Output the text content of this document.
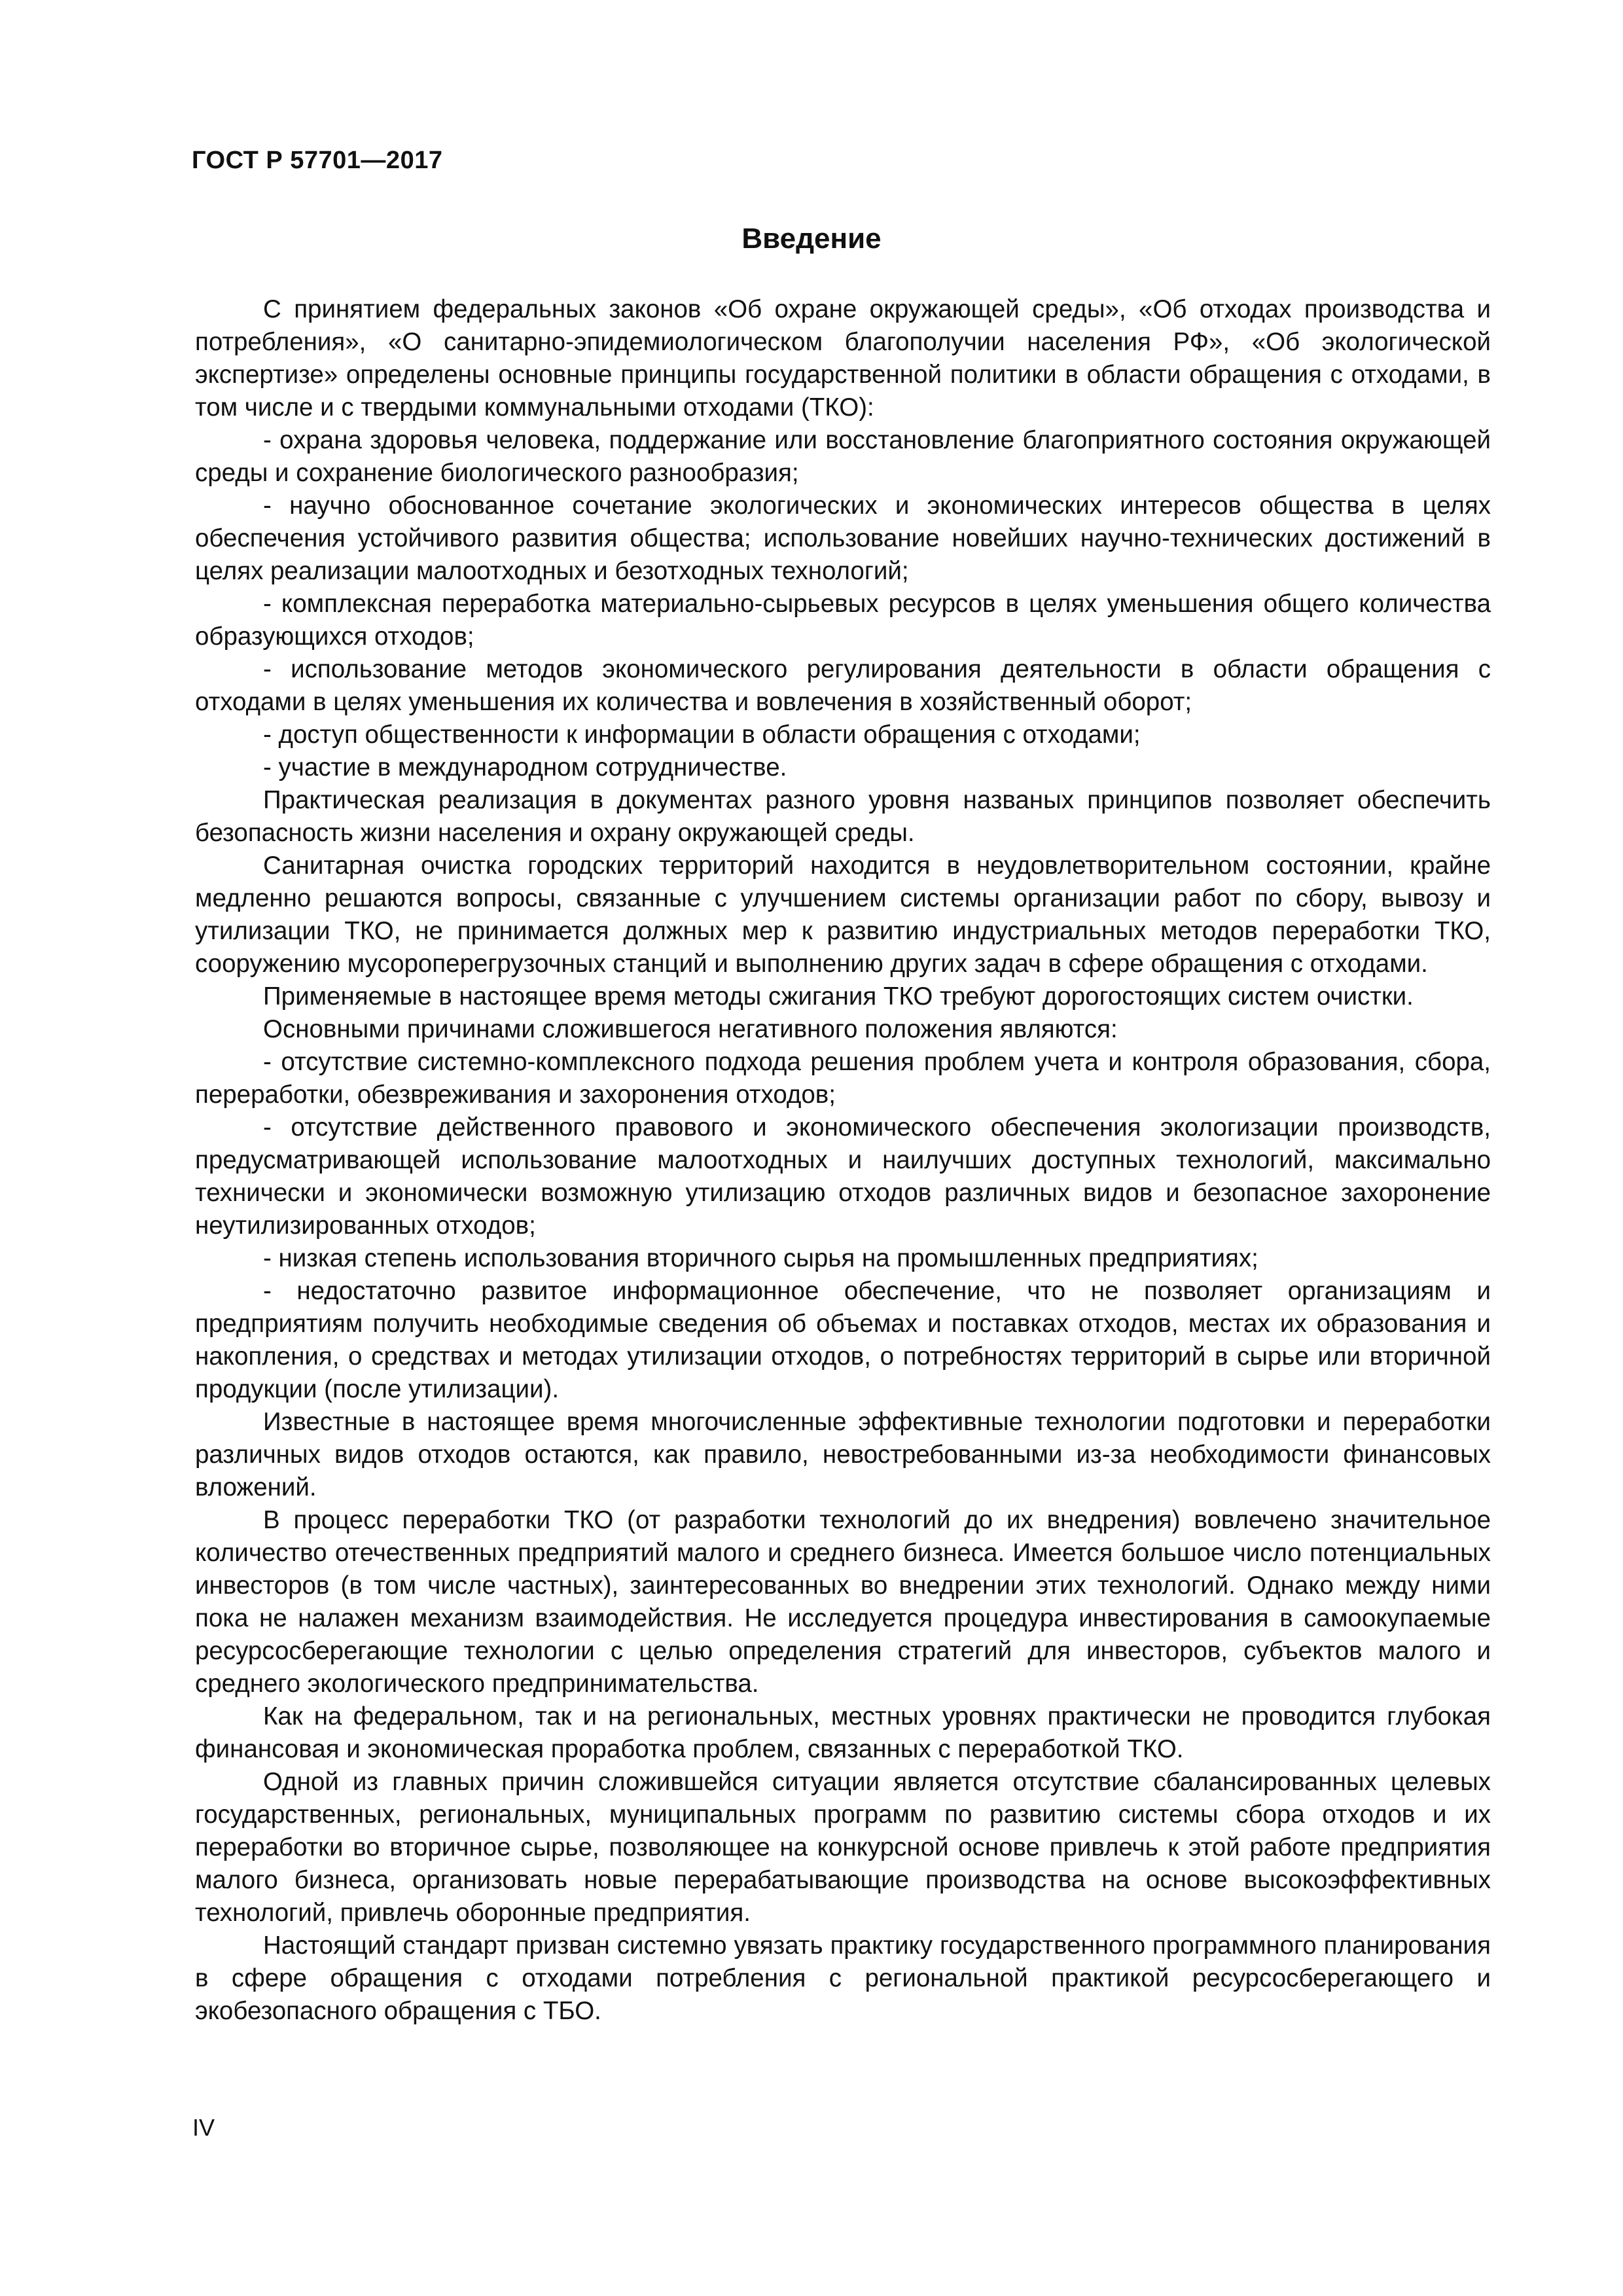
ГОСТ Р 57701—2017
Введение

С принятием федеральных законов «Об охране окружающей среды», «Об отходах производства и потребления», «О санитарно-эпидемиологическом благополучии населения РФ», «Об экологической экспертизе» определены основные принципы государственной политики в области обращения с отходами, в том числе и с твердыми коммунальными отходами (ТКО):

- охрана здоровья человека, поддержание или восстановление благоприятного состояния окружающей среды и сохранение биологического разнообразия;

- научно обоснованное сочетание экологических и экономических интересов общества в целях обеспечения устойчивого развития общества; использование новейших научно-технических достижений в целях реализации малоотходных и безотходных технологий;

- комплексная переработка материально-сырьевых ресурсов в целях уменьшения общего количества образующихся отходов;

- использование методов экономического регулирования деятельности в области обращения с отходами в целях уменьшения их количества и вовлечения в хозяйственный оборот;

- доступ общественности к информации в области обращения с отходами;

- участие в международном сотрудничестве.

Практическая реализация в документах разного уровня названых принципов позволяет обеспечить безопасность жизни населения и охрану окружающей среды.

Санитарная очистка городских территорий находится в неудовлетворительном состоянии, крайне медленно решаются вопросы, связанные с улучшением системы организации работ по сбору, вывозу и утилизации ТКО, не принимается должных мер к развитию индустриальных методов переработки ТКО, сооружению мусороперегрузочных станций и выполнению других задач в сфере обращения с отходами.

Применяемые в настоящее время методы сжигания ТКО требуют дорогостоящих систем очистки.

Основными причинами сложившегося негативного положения являются:

- отсутствие системно-комплексного подхода решения проблем учета и контроля образования, сбора, переработки, обезвреживания и захоронения отходов;

- отсутствие действенного правового и экономического обеспечения экологизации производств, предусматривающей использование малоотходных и наилучших доступных технологий, максимально технически и экономически возможную утилизацию отходов различных видов и безопасное захоронение неутилизированных отходов;

- низкая степень использования вторичного сырья на промышленных предприятиях;

- недостаточно развитое информационное обеспечение, что не позволяет организациям и предприятиям получить необходимые сведения об объемах и поставках отходов, местах их образования и накопления, о средствах и методах утилизации отходов, о потребностях территорий в сырье или вторичной продукции (после утилизации).

Известные в настоящее время многочисленные эффективные технологии подготовки и переработки различных видов отходов остаются, как правило, невостребованными из-за необходимости финансовых вложений.

В процесс переработки ТКО (от разработки технологий до их внедрения) вовлечено значительное количество отечественных предприятий малого и среднего бизнеса. Имеется большое число потенциальных инвесторов (в том числе частных), заинтересованных во внедрении этих технологий. Однако между ними пока не налажен механизм взаимодействия. Не исследуется процедура инвестирования в самоокупаемые ресурсосберегающие технологии с целью определения стратегий для инвесторов, субъектов малого и среднего экологического предпринимательства.

Как на федеральном, так и на региональных, местных уровнях практически не проводится глубокая финансовая и экономическая проработка проблем, связанных с переработкой ТКО.

Одной из главных причин сложившейся ситуации является отсутствие сбалансированных целевых государственных, региональных, муниципальных программ по развитию системы сбора отходов и их переработки во вторичное сырье, позволяющее на конкурсной основе привлечь к этой работе предприятия малого бизнеса, организовать новые перерабатывающие производства на основе высокоэффективных технологий, привлечь оборонные предприятия.

Настоящий стандарт призван системно увязать практику государственного программного планирования в сфере обращения с отходами потребления с региональной практикой ресурсосберегающего и экобезопасного обращения с ТБО.

IV
